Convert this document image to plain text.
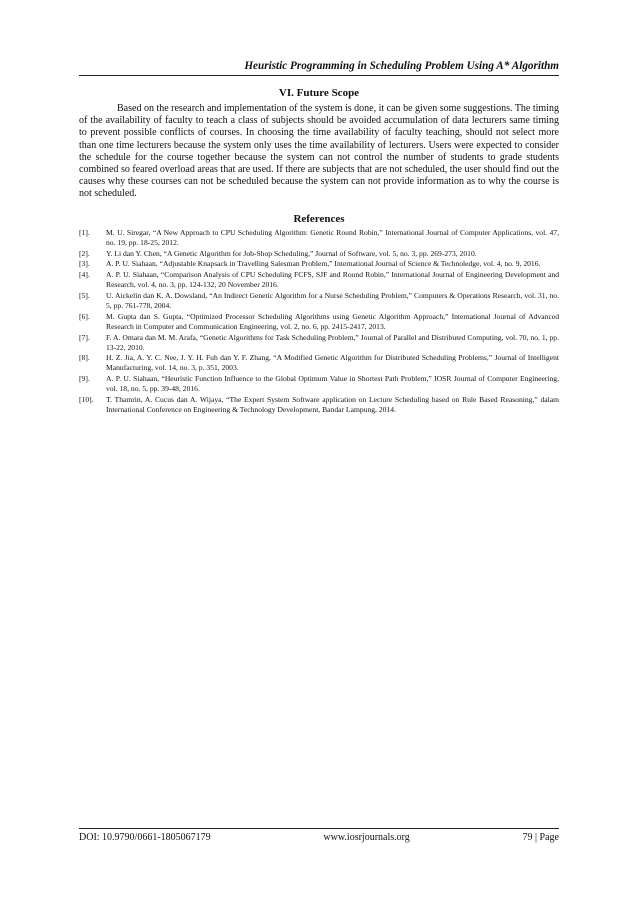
Heuristic Programming in Scheduling Problem Using A* Algorithm
VI. Future Scope
Based on the research and implementation of the system is done, it can be given some suggestions. The timing of the availability of faculty to teach a class of subjects should be avoided accumulation of data lecturers same timing to prevent possible conflicts of courses. In choosing the time availability of faculty teaching, should not select more than one time lecturers because the system only uses the time availability of lecturers. Users were expected to consider the schedule for the course together because the system can not control the number of students to grade students combined so feared overload areas that are used. If there are subjects that are not scheduled, the user should find out the causes why these courses can not be scheduled because the system can not provide information as to why the course is not scheduled.
References
[1].	M. U. Siregar, “A New Approach to CPU Scheduling Algorithm: Genetic Round Robin,” International Journal of Computer Applications, vol. 47, no. 19, pp. 18-25, 2012.
[2].	Y. Li dan Y. Chen, “A Genetic Algorithm for Job-Shop Scheduling,” Journal of Software, vol. 5, no. 3, pp. 269-273, 2010.
[3].	A. P. U. Siahaan, “Adjustable Knapsack in Travelling Salesman Problem,” International Journal of Science & Technoledge, vol. 4, no. 9, 2016.
[4].	A. P. U. Siahaan, “Comparison Analysis of CPU Scheduling FCFS, SJF and Round Robin,” International Journal of Engineering Development and Research, vol. 4, no. 3, pp. 124-132, 20 November 2016.
[5].	U. Aickelin dan K. A. Dowsland, “An Indirect Genetic Algorithm for a Nurse Scheduling Problem,” Computers & Operations Research, vol. 31, no. 5, pp. 761-778, 2004.
[6].	M. Gupta dan S. Gupta, “Optimized Processor Scheduling Algorithms using Genetic Algorithm Approach,” International Journal of Advanced Research in Computer and Communication Engineering, vol. 2, no. 6, pp. 2415-2417, 2013.
[7].	F. A. Omara dan M. M. Arafa, “Genetic Algorithms for Task Scheduling Problem,” Journal of Parallel and Distributed Computing, vol. 70, no. 1, pp. 13-22, 2010.
[8].	H. Z. Jia, A. Y. C. Nee, J. Y. H. Fuh dan Y. F. Zhang, “A Modified Genetic Algorithm for Distributed Scheduling Problems,” Journal of Intelligent Manufacturing, vol. 14, no. 3, p. 351, 2003.
[9].	A. P. U. Siahaan, “Heuristic Function Influence to the Global Optimum Value in Shortest Path Problem,” IOSR Journal of Computer Engineering, vol. 18, no. 5, pp. 39-48, 2016.
[10].	T. Thamrin, A. Cucus dan A. Wijaya, “The Expert System Software application on Lecture Scheduling based on Rule Based Reasoning,” dalam International Conference on Engineering & Technology Development, Bandar Lampung, 2014.
DOI: 10.9790/0661-1805067179	www.iosrjournals.org	79 | Page
